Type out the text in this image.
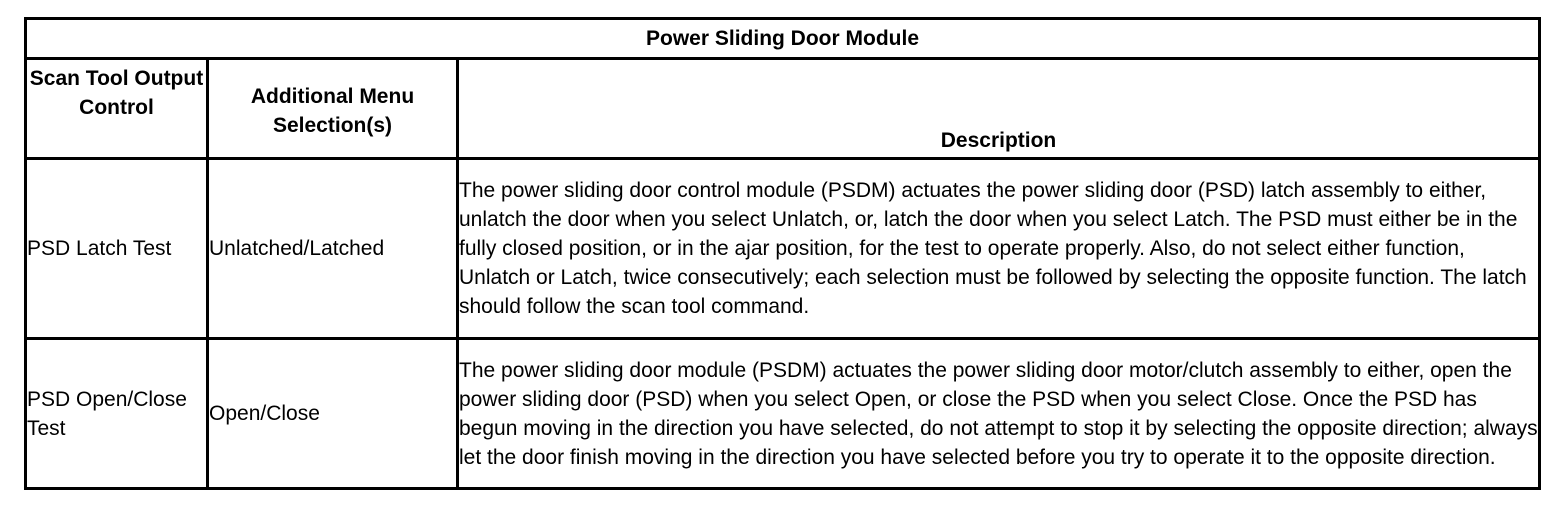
Power Sliding Door Module		
Scan Tool Output Control	Additional Menu Selection(s)	Description
PSD Latch Test	Unlatched/Latched	The power sliding door control module (PSDM) actuates the power sliding door (PSD) latch assembly to either, unlatch the door when you select Unlatch, or, latch the door when you select Latch. The PSD must either be in the fully closed position, or in the ajar position, for the test to operate properly. Also, do not select either function, Unlatch or Latch, twice consecutively; each selection must be followed by selecting the opposite function. The latch should follow the scan tool command.
PSD Open/Close Test	Open/Close	The power sliding door module (PSDM) actuates the power sliding door motor/clutch assembly to either, open the power sliding door (PSD) when you select Open, or close the PSD when you select Close. Once the PSD has begun moving in the direction you have selected, do not attempt to stop it by selecting the opposite direction; always let the door finish moving in the direction you have selected before you try to operate it to the opposite direction.
